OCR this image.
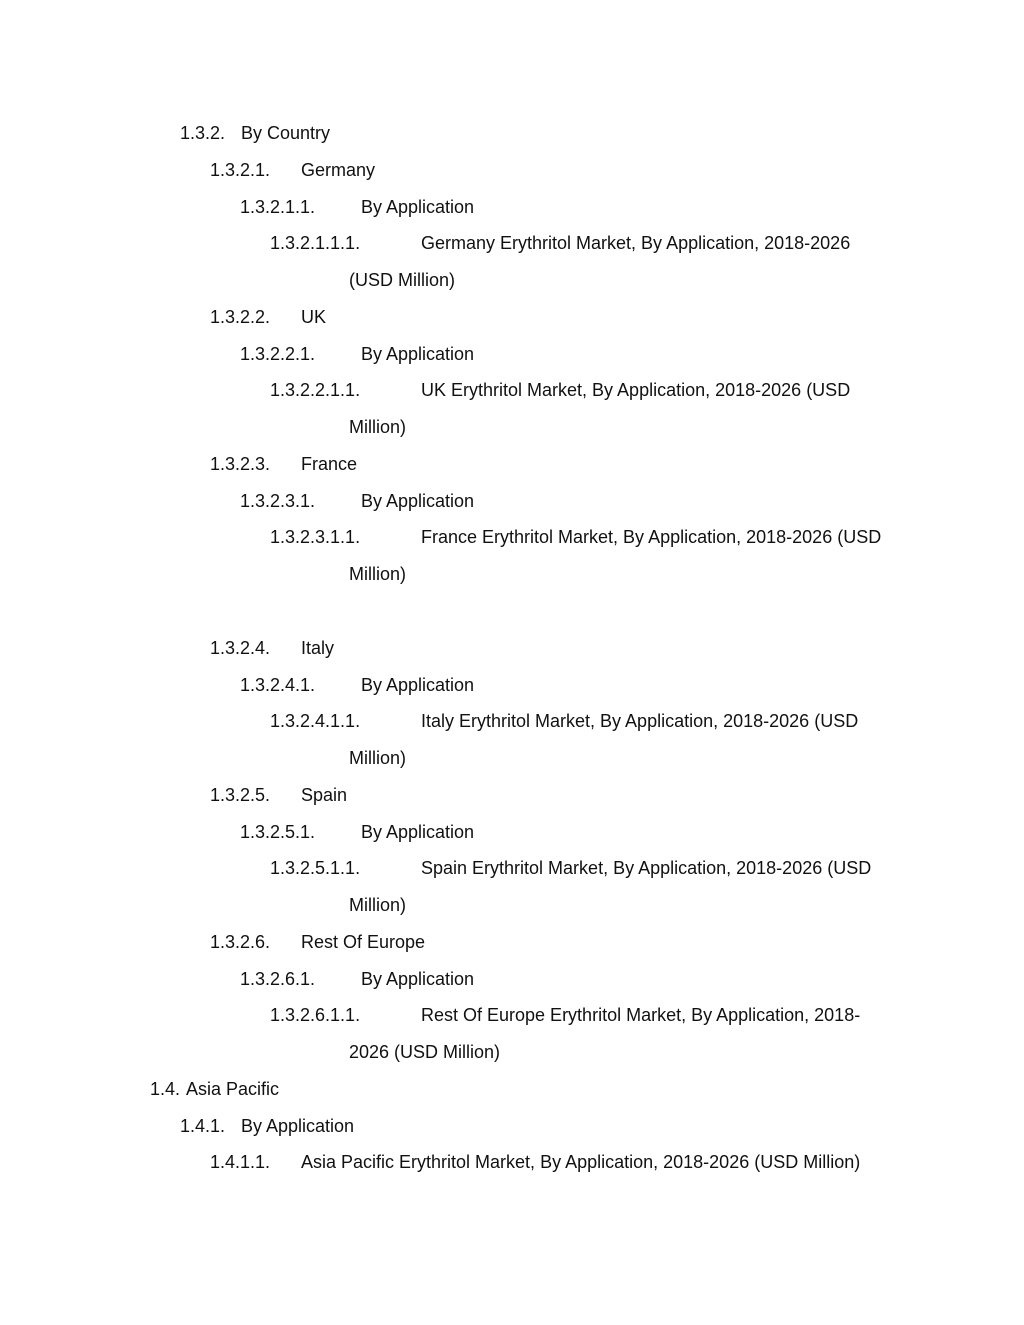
1.3.2. By Country
1.3.2.1. Germany
1.3.2.1.1.	By Application
1.3.2.1.1.1.	Germany Erythritol Market, By Application, 2018-2026
(USD Million)
1.3.2.2. UK
1.3.2.2.1.	By Application
1.3.2.2.1.1.	UK Erythritol Market, By Application, 2018-2026 (USD
Million)
1.3.2.3. France
1.3.2.3.1.	By Application
1.3.2.3.1.1.	France Erythritol Market, By Application, 2018-2026 (USD
Million)
1.3.2.4. Italy
1.3.2.4.1.	By Application
1.3.2.4.1.1.	Italy Erythritol Market, By Application, 2018-2026 (USD
Million)
1.3.2.5. Spain
1.3.2.5.1.	By Application
1.3.2.5.1.1.	Spain Erythritol Market, By Application, 2018-2026 (USD
Million)
1.3.2.6. Rest Of Europe
1.3.2.6.1.	By Application
1.3.2.6.1.1.	Rest Of Europe Erythritol Market, By Application, 2018-
2026 (USD Million)
1.4. Asia Pacific
1.4.1. By Application
1.4.1.1. Asia Pacific Erythritol Market, By Application, 2018-2026 (USD Million)
